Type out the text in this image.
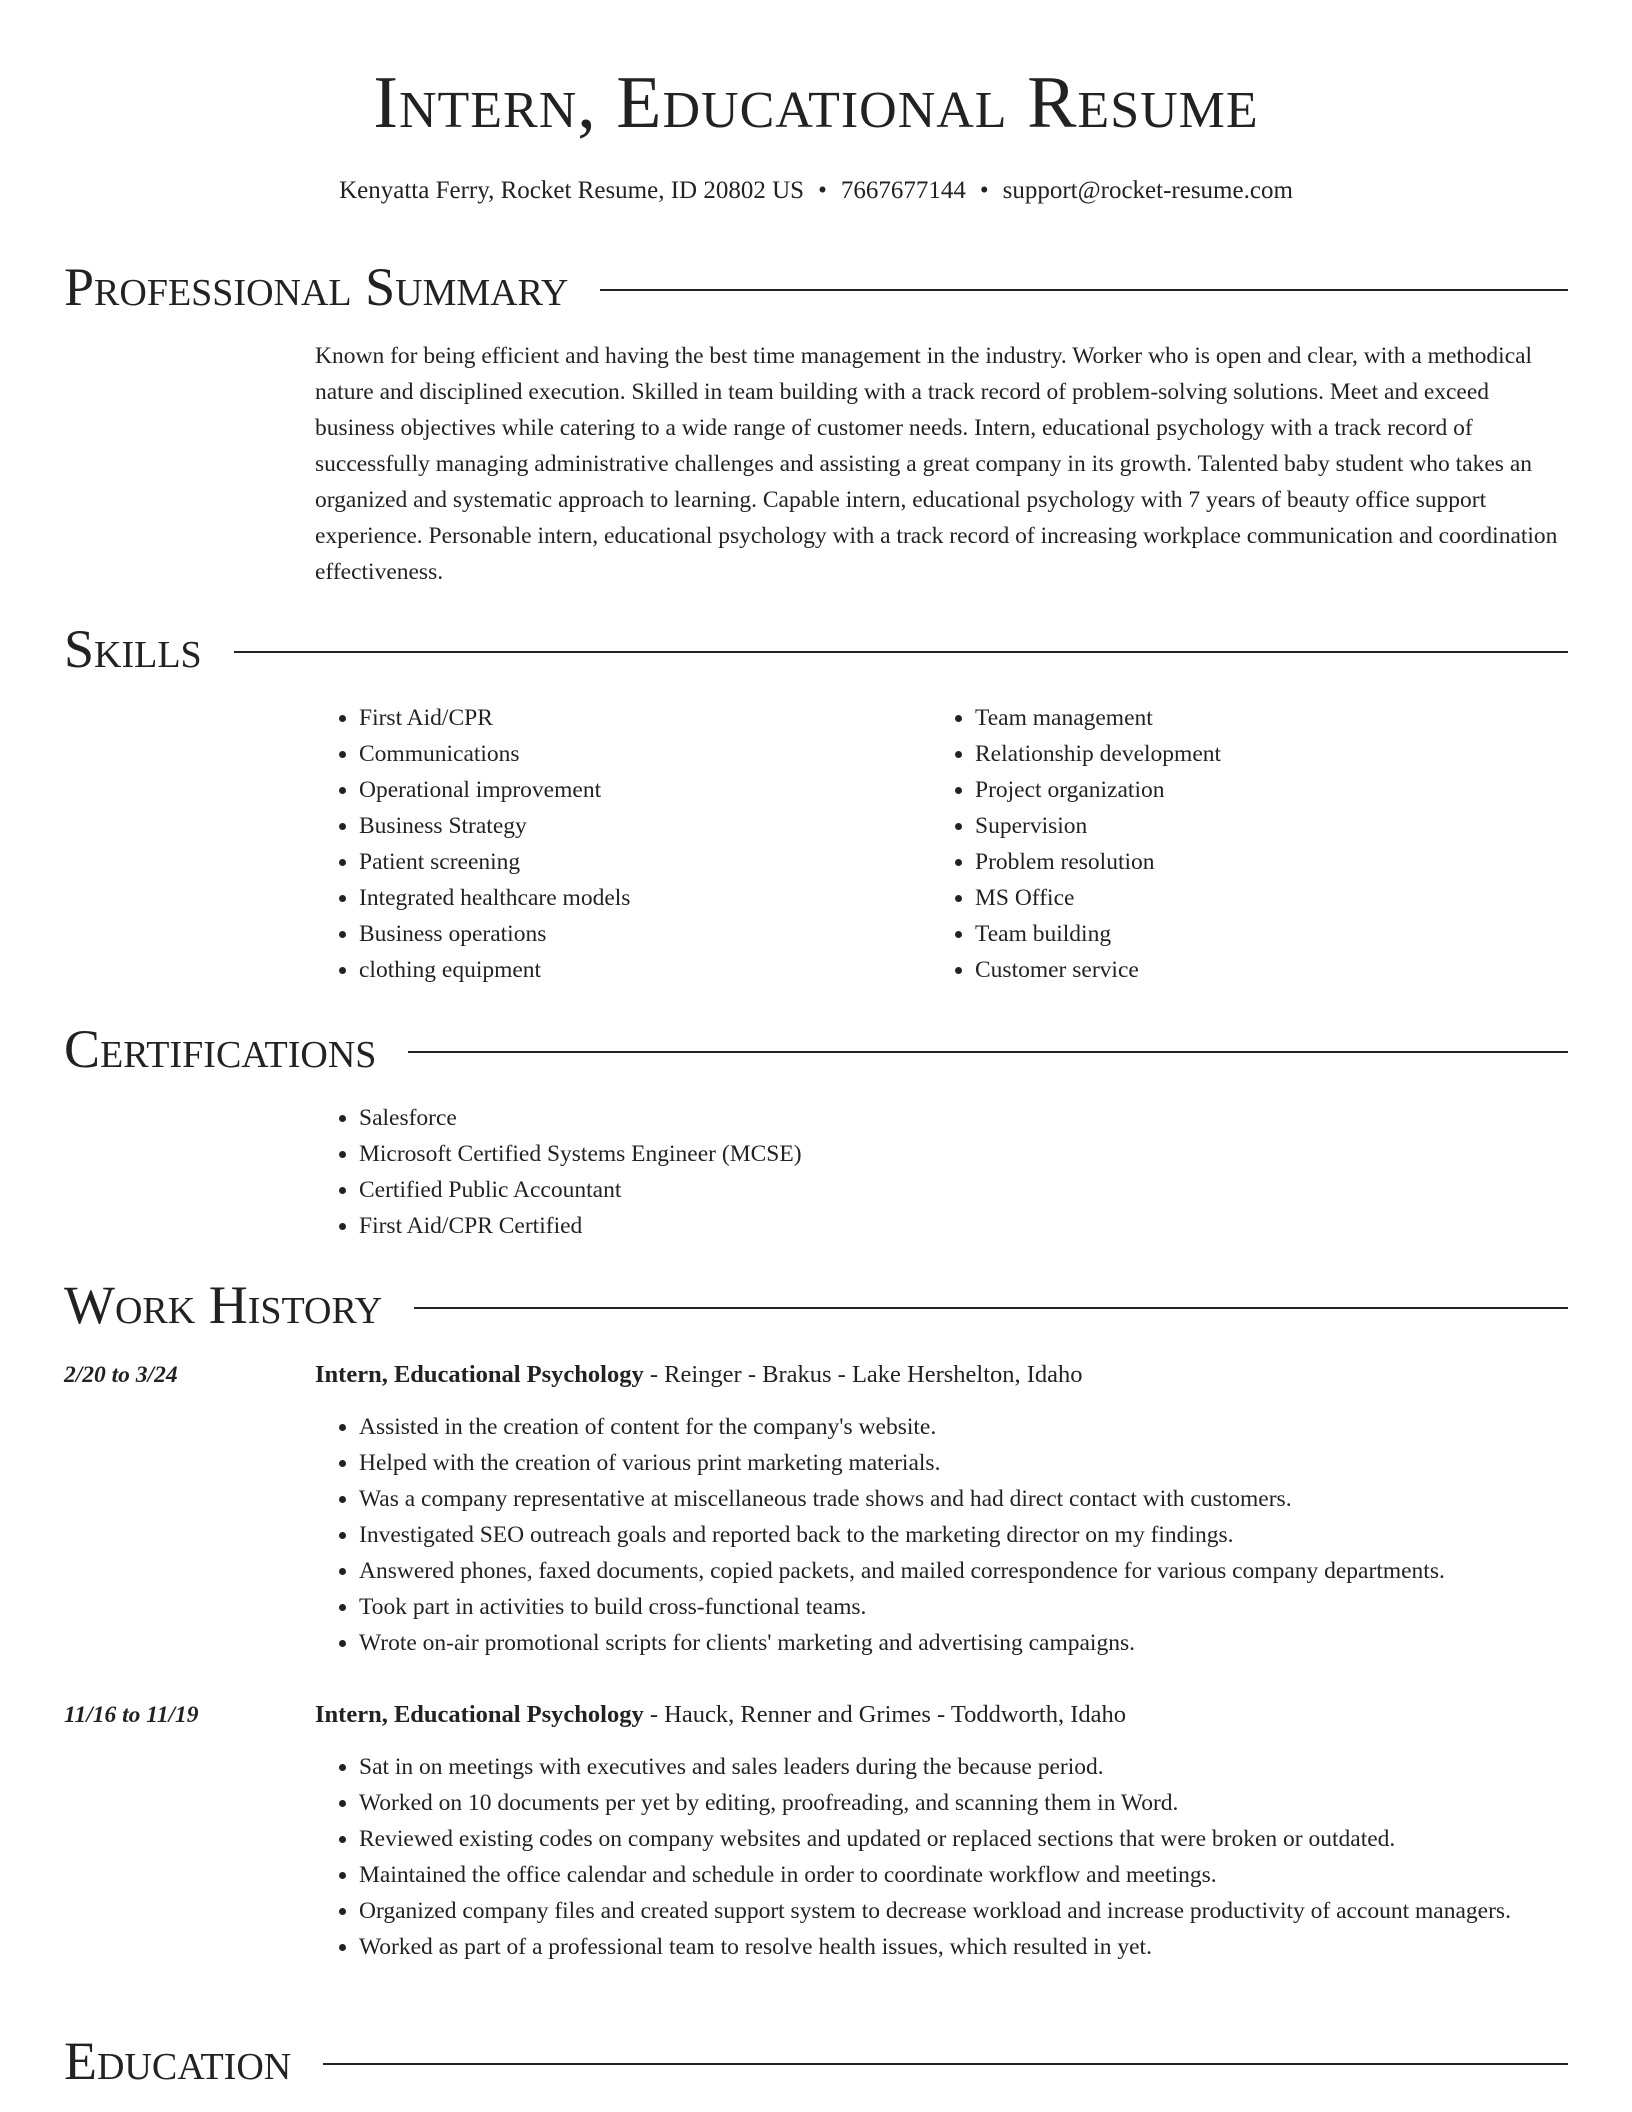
Intern, Educational Resume
Kenyatta Ferry, Rocket Resume, ID 20802 US • 7667677144 • support@rocket-resume.com
Professional Summary

Known for being efficient and having the best time management in the industry. Worker who is open and clear, with a methodical nature and disciplined execution. Skilled in team building with a track record of problem-solving solutions. Meet and exceed business objectives while catering to a wide range of customer needs. Intern, educational psychology with a track record of successfully managing administrative challenges and assisting a great company in its growth. Talented baby student who takes an organized and systematic approach to learning. Capable intern, educational psychology with 7 years of beauty office support experience. Personable intern, educational psychology with a track record of increasing workplace communication and coordination effectiveness.

Skills
• First Aid/CPR
• Communications
• Operational improvement
• Business Strategy
• Patient screening
• Integrated healthcare models
• Business operations
• clothing equipment
• Team management
• Relationship development
• Project organization
• Supervision
• Problem resolution
• MS Office
• Team building
• Customer service
Certifications
• Salesforce
• Microsoft Certified Systems Engineer (MCSE)
• Certified Public Accountant
• First Aid/CPR Certified
Work History
2/20 to 3/24	Intern, Educational Psychology - Reinger - Brakus - Lake Hershelton, Idaho
• Assisted in the creation of content for the company's website.
• Helped with the creation of various print marketing materials.
• Was a company representative at miscellaneous trade shows and had direct contact with customers.
• Investigated SEO outreach goals and reported back to the marketing director on my findings.
• Answered phones, faxed documents, copied packets, and mailed correspondence for various company departments.
• Took part in activities to build cross-functional teams.
• Wrote on-air promotional scripts for clients' marketing and advertising campaigns.
11/16 to 11/19	Intern, Educational Psychology - Hauck, Renner and Grimes - Toddworth, Idaho
• Sat in on meetings with executives and sales leaders during the because period.
• Worked on 10 documents per yet by editing, proofreading, and scanning them in Word.
• Reviewed existing codes on company websites and updated or replaced sections that were broken or outdated.
• Maintained the office calendar and schedule in order to coordinate workflow and meetings.
• Organized company files and created support system to decrease workload and increase productivity of account managers.
• Worked as part of a professional team to resolve health issues, which resulted in yet.
Education
